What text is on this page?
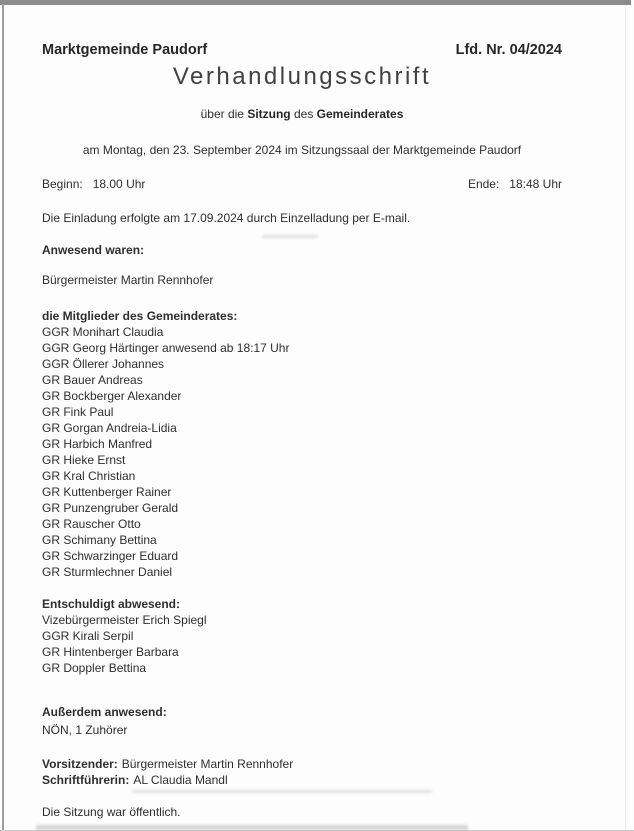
Marktgemeinde Paudorf	Lfd. Nr. 04/2024
Verhandlungsschrift
über die Sitzung des Gemeinderates
am Montag, den 23. September 2024 im Sitzungssaal der Marktgemeinde Paudorf
Beginn: 18.00 Uhr	Ende: 18:48 Uhr
Die Einladung erfolgte am 17.09.2024 durch Einzelladung per E-mail.
Anwesend waren:
Bürgermeister Martin Rennhofer
die Mitglieder des Gemeinderates:
GGR Monihart Claudia
GGR Georg Härtinger anwesend ab 18:17 Uhr
GGR Öllerer Johannes
GR Bauer Andreas
GR Bockberger Alexander
GR Fink Paul
GR Gorgan Andreia-Lidia
GR Harbich Manfred
GR Hieke Ernst
GR Kral Christian
GR Kuttenberger Rainer
GR Punzengruber Gerald
GR Rauscher Otto
GR Schimany Bettina
GR Schwarzinger Eduard
GR Sturmlechner Daniel
Entschuldigt abwesend:
Vizebürgermeister Erich Spiegl
GGR Kirali Serpil
GR Hintenberger Barbara
GR Doppler Bettina
Außerdem anwesend:
NÖN, 1 Zuhörer
Vorsitzender: Bürgermeister Martin Rennhofer
Schriftführerin: AL Claudia Mandl
Die Sitzung war öffentlich.
